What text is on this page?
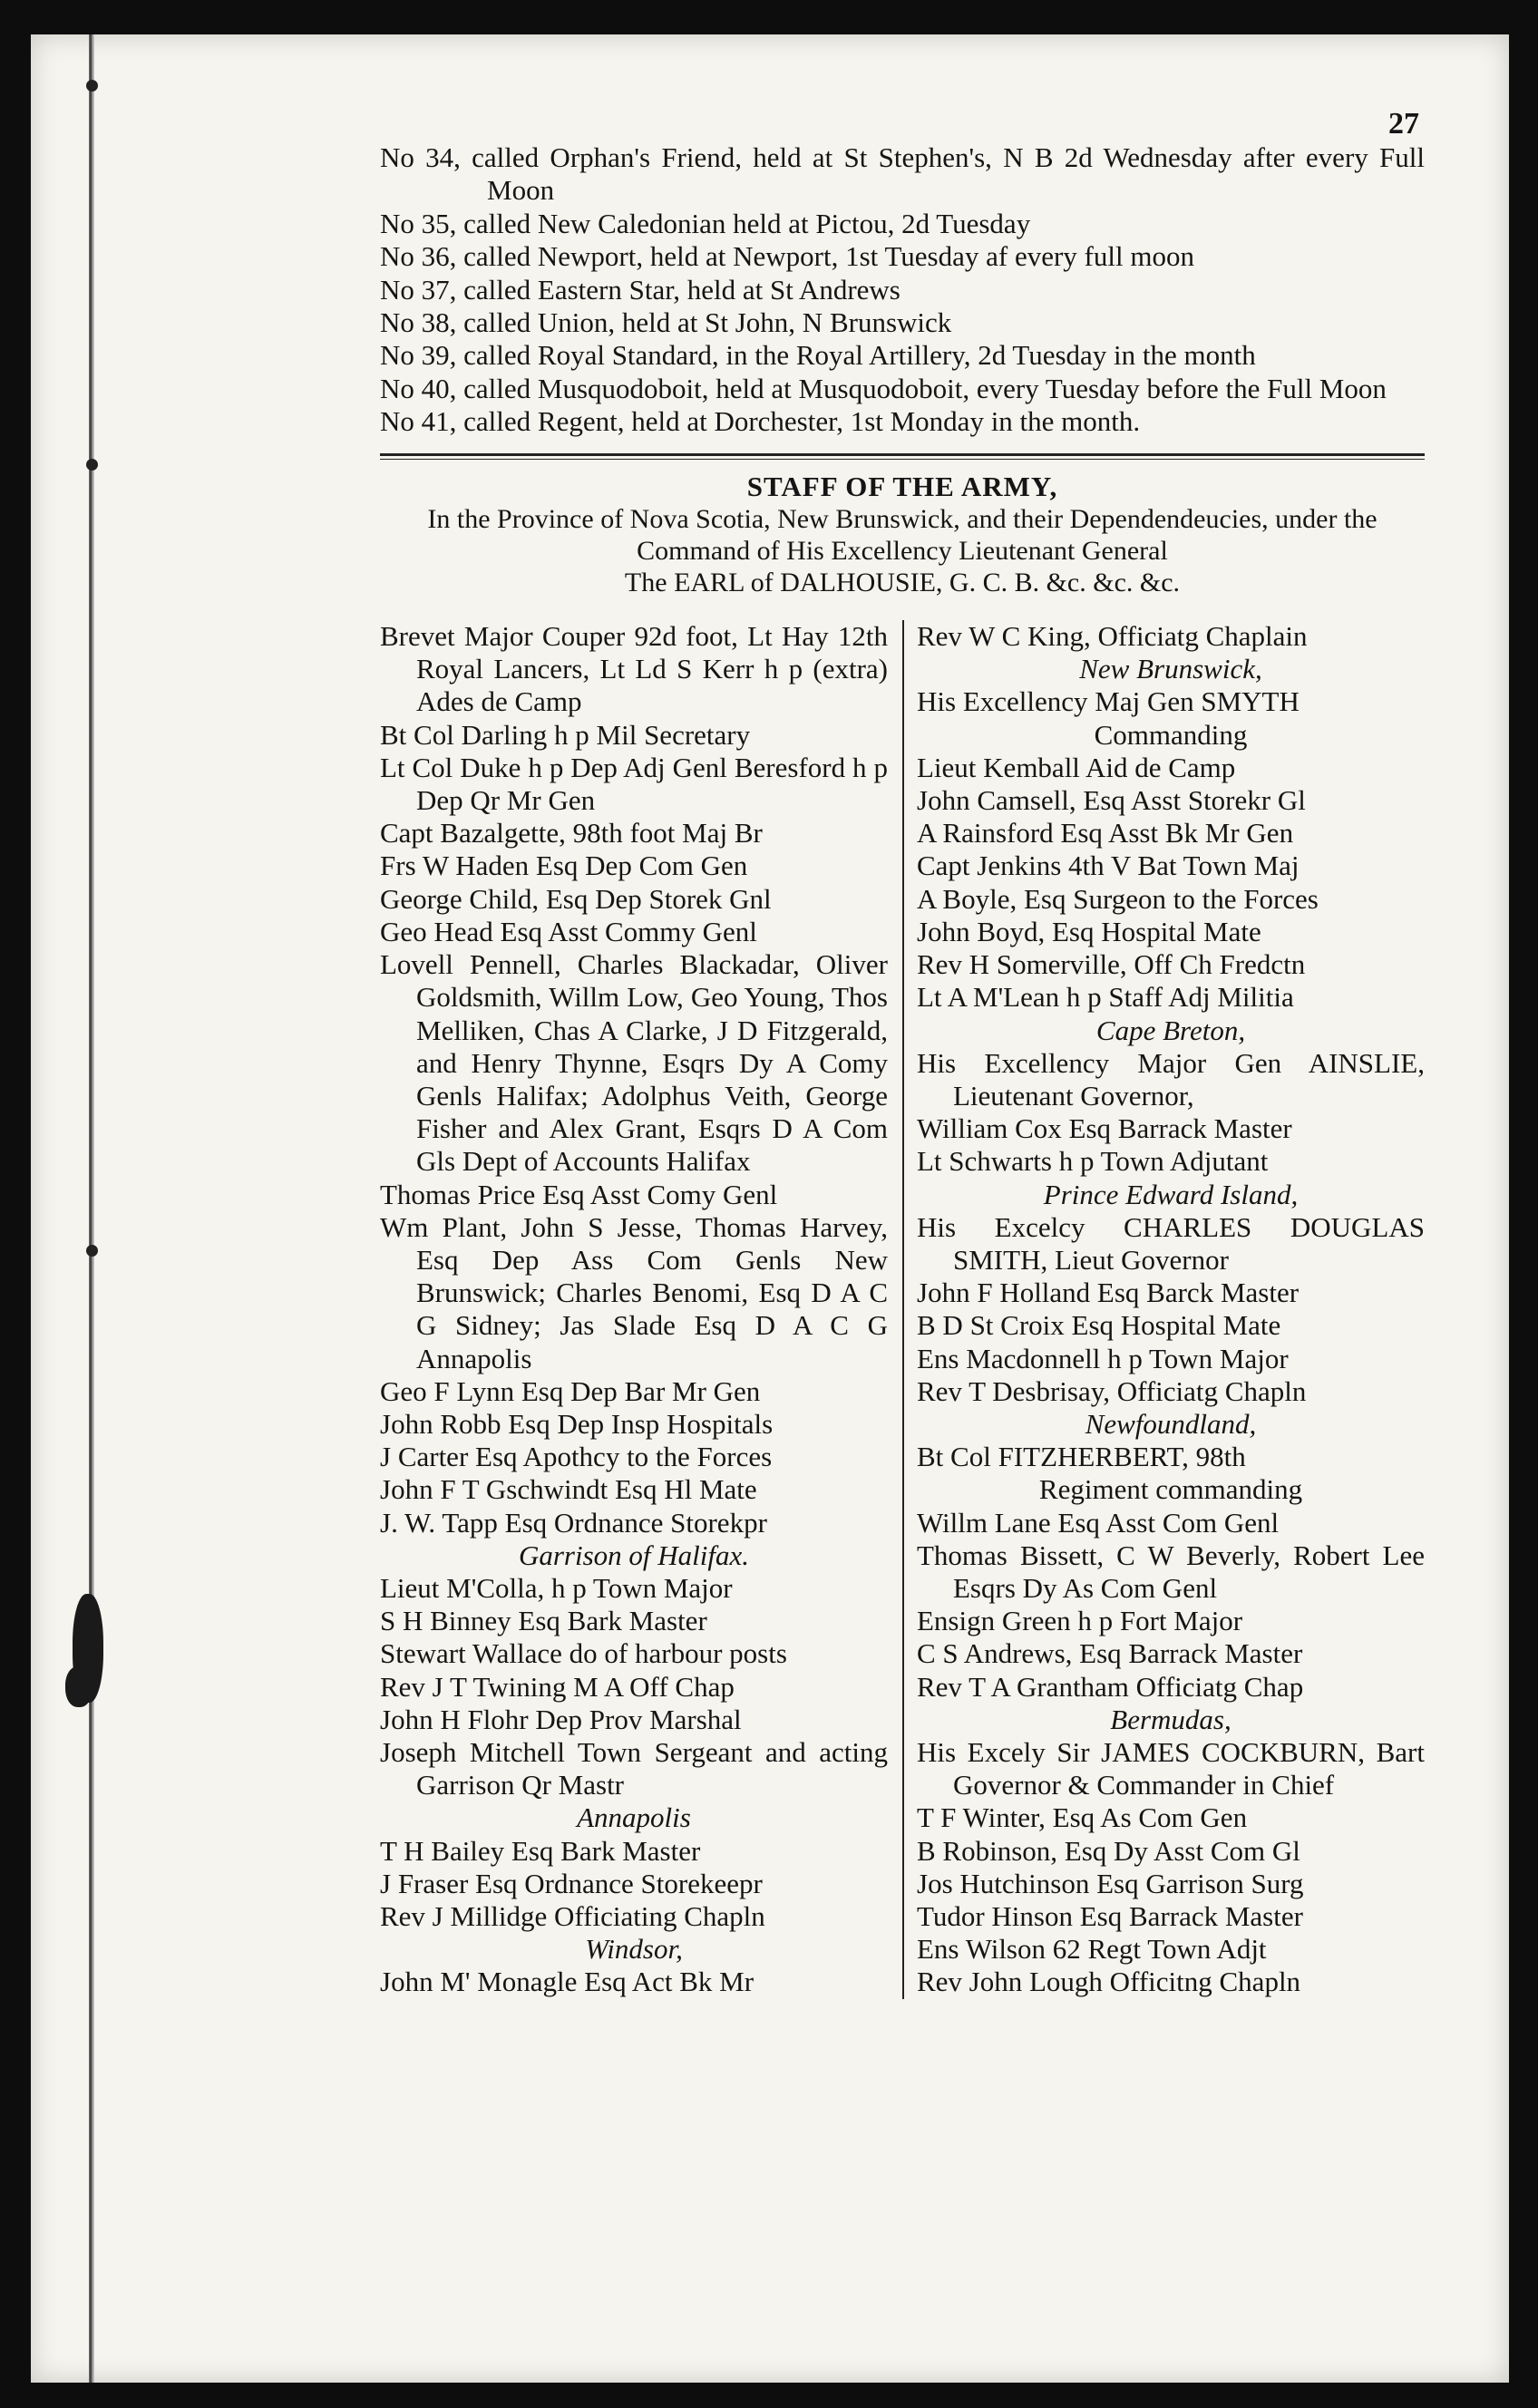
27
No 34, called Orphan's Friend, held at St Stephen's, N B 2d Wednesday after every Full Moon
No 35, called New Caledonian held at Pictou, 2d Tuesday
No 36, called Newport, held at Newport, 1st Tuesday af every full moon
No 37, called Eastern Star, held at St Andrews
No 38, called Union, held at St John, N Brunswick
No 39, called Royal Standard, in the Royal Artillery, 2d Tuesday in the month
No 40, called Musquodoboit, held at Musquodoboit, every Tuesday before the Full Moon
No 41, called Regent, held at Dorchester, 1st Monday in the month.
STAFF OF THE ARMY,
In the Province of Nova Scotia, New Brunswick, and their Dependendeucies, under the Command of His Excellency Lieutenant General
The EARL of DALHOUSIE, G. C. B. &c. &c. &c.
Brevet Major Couper 92d foot, Lt Hay 12th Royal Lancers, Lt Ld S Kerr h p (extra) Ades de Camp
Bt Col Darling h p Mil Secretary
Lt Col Duke h p Dep Adj Genl Beresford h p Dep Qr Mr Gen
Capt Bazalgette, 98th foot Maj Br
Frs W Haden Esq Dep Com Gen
George Child, Esq Dep Storek Gnl
Geo Head Esq Asst Commy Genl
Lovell Pennell, Charles Blackadar, Oliver Goldsmith, Willm Low, Geo Young, Thos Melliken, Chas A Clarke, J D Fitzgerald, and Henry Thynne, Esqrs Dy A Comy Genls Halifax; Adolphus Veith, George Fisher and Alex Grant, Esqrs D A Com Gls Dept of Accounts Halifax
Thomas Price Esq Asst Comy Genl
Wm Plant, John S Jesse, Thomas Harvey, Esq Dep Ass Com Genls New Brunswick; Charles Benomi, Esq D A C G Sidney; Jas Slade Esq D A C G Annapolis
Geo F Lynn Esq Dep Bar Mr Gen
John Robb Esq Dep Insp Hospitals
J Carter Esq Apothcy to the Forces
John F T Gschwindt Esq Hl Mate
J. W. Tapp Esq Ordnance Storekpr
Garrison of Halifax.
Lieut M'Colla, h p Town Major
S H Binney Esq Bark Master
Stewart Wallace do of harbour posts
Rev J T Twining M A Off Chap
John H Flohr Dep Prov Marshal
Joseph Mitchell Town Sergeant and acting Garrison Qr Mastr
Annapolis
T H Bailey Esq Bark Master
J Fraser Esq Ordnance Storekeepr
Rev J Millidge Officiating Chapln
Windsor,
John M' Monagle Esq Act Bk Mr
Rev W C King, Officiatg Chaplain
New Brunswick,
His Excellency Maj Gen SMYTH
Commanding
Lieut Kemball Aid de Camp
John Camsell, Esq Asst Storekr Gl
A Rainsford Esq Asst Bk Mr Gen
Capt Jenkins 4th V Bat Town Maj
A Boyle, Esq Surgeon to the Forces
John Boyd, Esq Hospital Mate
Rev H Somerville, Off Ch Fredctn
Lt A M'Lean h p Staff Adj Militia
Cape Breton,
His Excellency Major Gen AINSLIE, Lieutenant Governor,
William Cox Esq Barrack Master
Lt Schwarts h p Town Adjutant
Prince Edward Island,
His Excelcy CHARLES DOUGLAS SMITH, Lieut Governor
John F Holland Esq Barck Master
B D St Croix Esq Hospital Mate
Ens Macdonnell h p Town Major
Rev T Desbrisay, Officiatg Chapln
Newfoundland,
Bt Col FITZHERBERT, 98th
Regiment commanding
Willm Lane Esq Asst Com Genl
Thomas Bissett, C W Beverly, Robert Lee Esqrs Dy As Com Genl
Ensign Green h p Fort Major
C S Andrews, Esq Barrack Master
Rev T A Grantham Officiatg Chap
Bermudas,
His Excely Sir JAMES COCKBURN, Bart Governor & Commander in Chief
T F Winter, Esq As Com Gen
B Robinson, Esq Dy Asst Com Gl
Jos Hutchinson Esq Garrison Surg
Tudor Hinson Esq Barrack Master
Ens Wilson 62 Regt Town Adjt
Rev John Lough Officitng Chapln
